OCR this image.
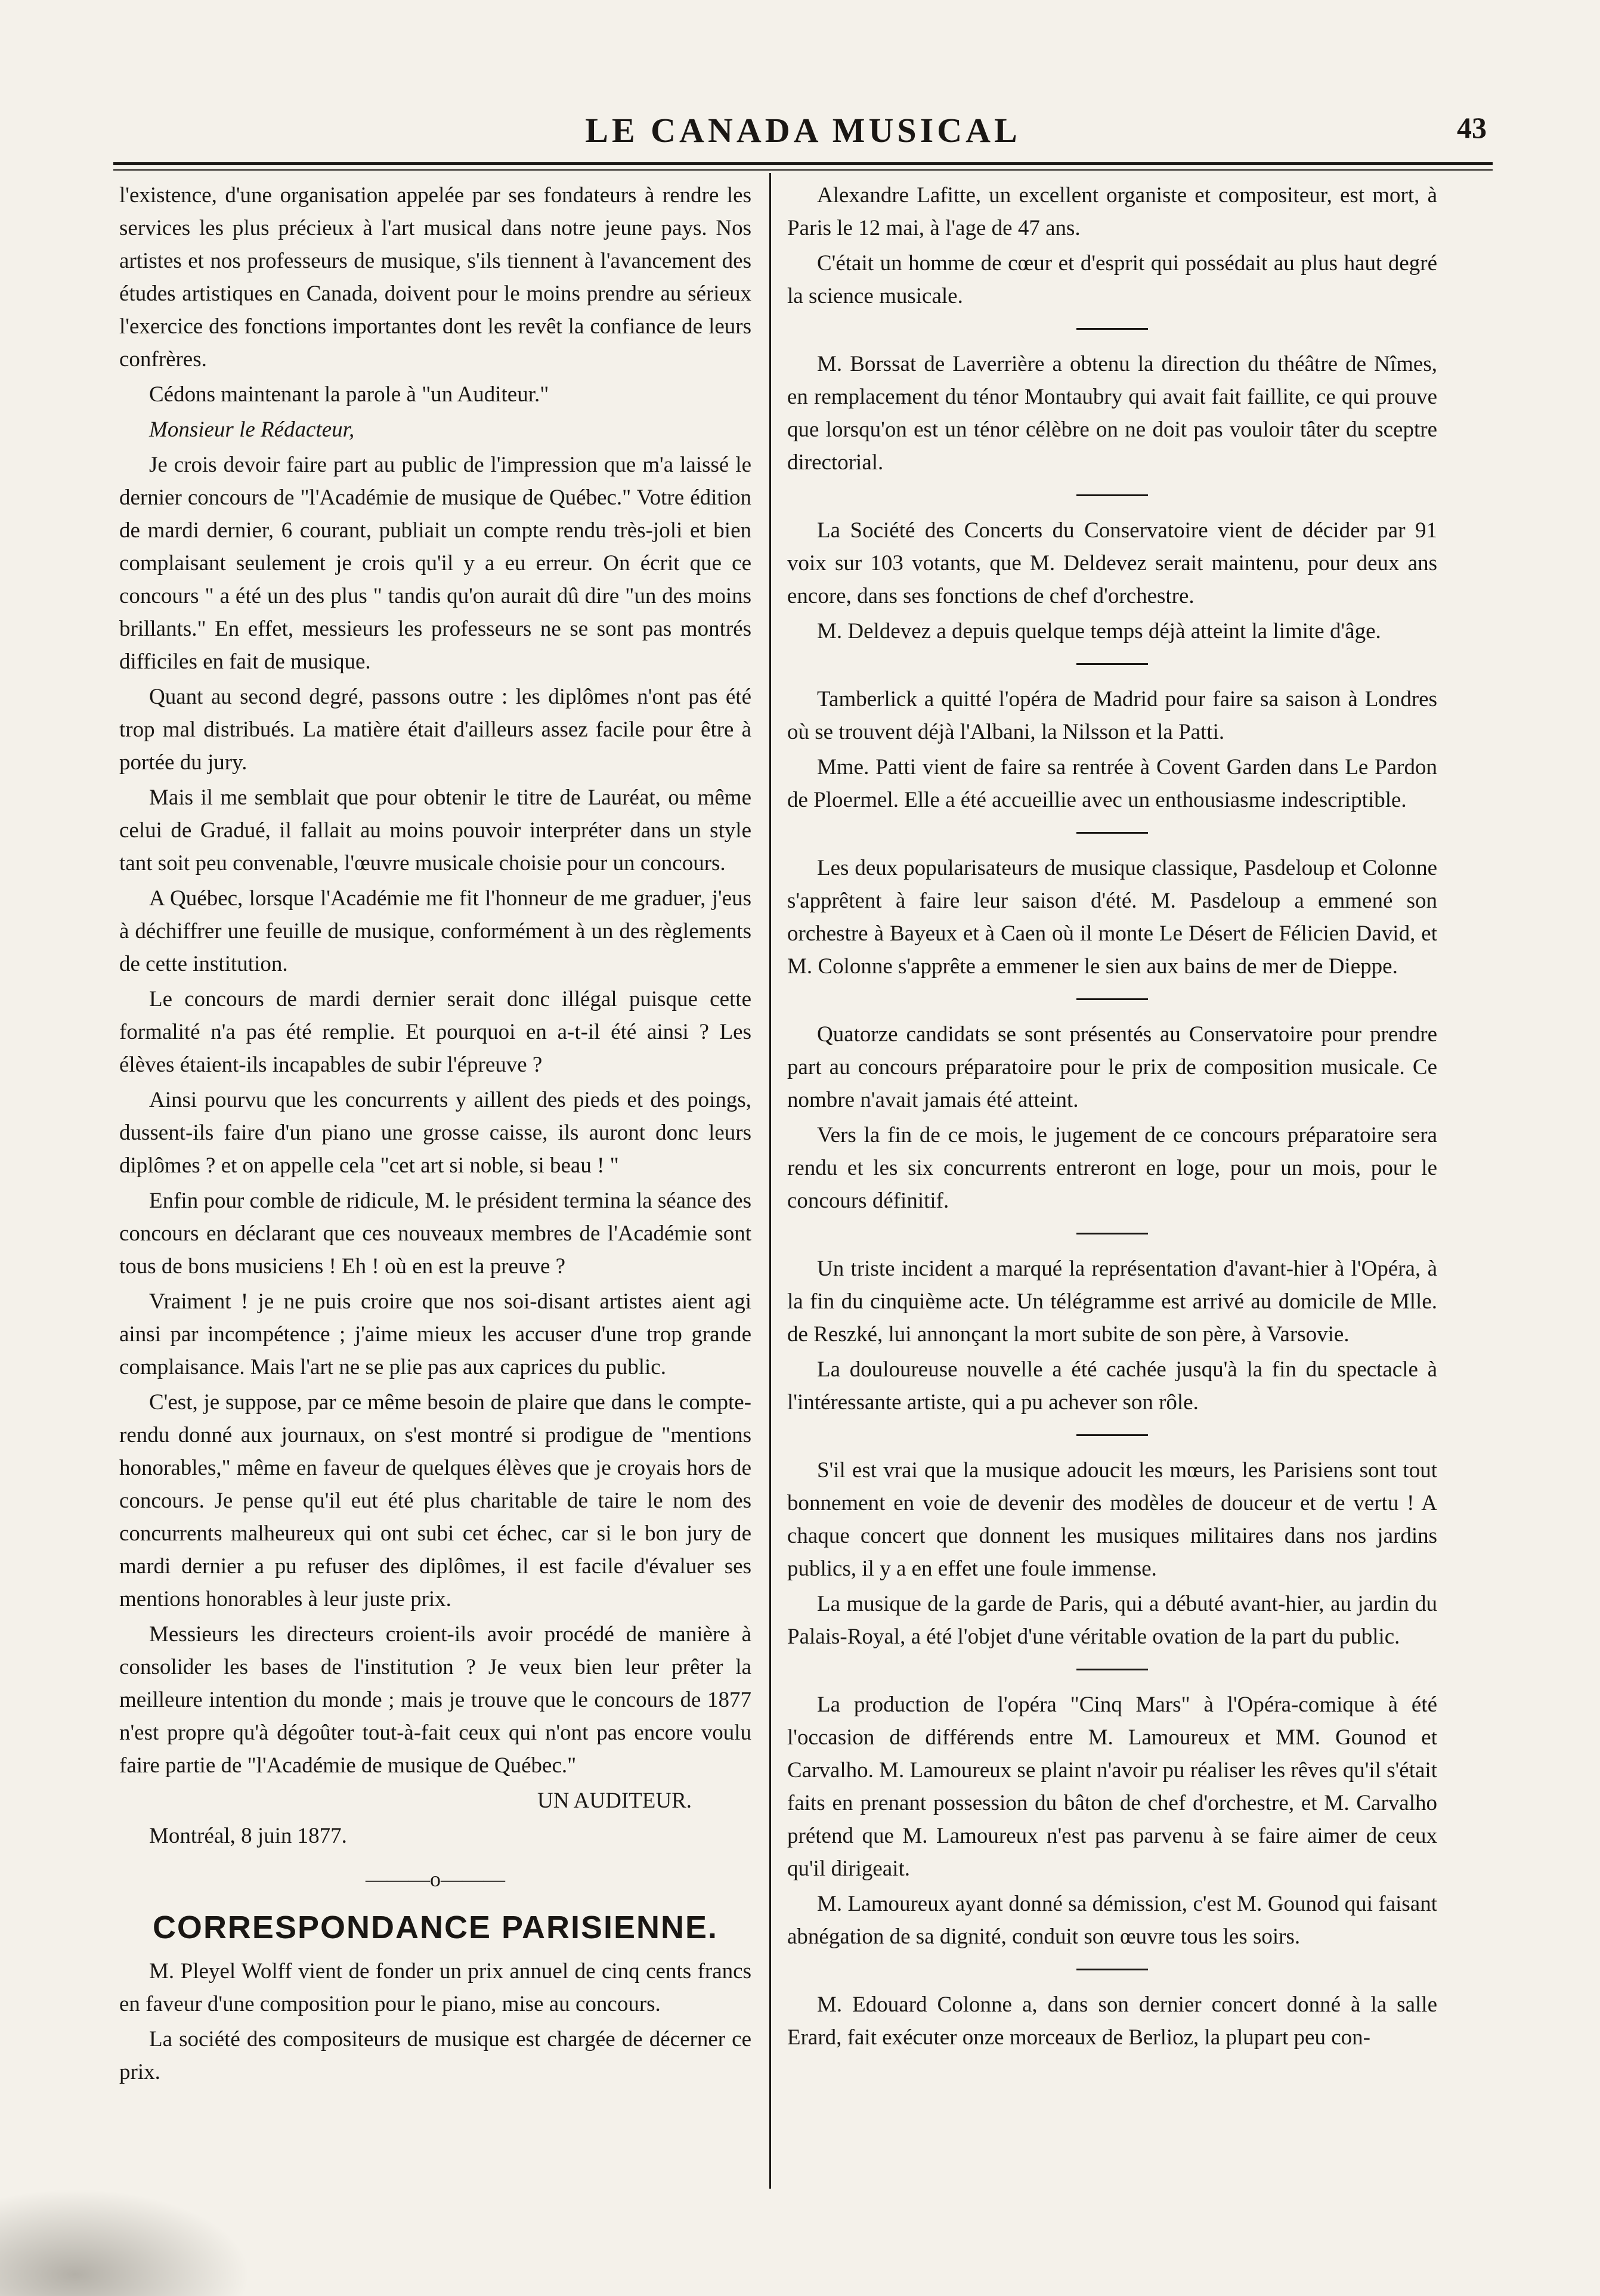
LE CANADA MUSICAL	43

l'existence, d'une organisation appelée par ses fondateurs à rendre les services les plus précieux à l'art musical dans notre jeune pays. Nos artistes et nos professeurs de musique, s'ils tiennent à l'avancement des études artistiques en Canada, doivent pour le moins prendre au sérieux l'exercice des fonctions importantes dont les revêt la confiance de leurs confrères.

Cédons maintenant la parole à "un Auditeur."

Monsieur le Rédacteur,

Je crois devoir faire part au public de l'impression que m'a laissé le dernier concours de "l'Académie de musique de Québec." Votre édition de mardi dernier, 6 courant, publiait un compte rendu très-joli et bien complaisant seulement je crois qu'il y a eu erreur. On écrit que ce concours " a été un des plus " tandis qu'on aurait dû dire "un des moins brillants." En effet, messieurs les professeurs ne se sont pas montrés difficiles en fait de musique.

Quant au second degré, passons outre : les diplômes n'ont pas été trop mal distribués. La matière était d'ailleurs assez facile pour être à portée du jury.

Mais il me semblait que pour obtenir le titre de Lauréat, ou même celui de Gradué, il fallait au moins pouvoir interpréter dans un style tant soit peu convenable, l'œuvre musicale choisie pour un concours.

A Québec, lorsque l'Académie me fit l'honneur de me graduer, j'eus à déchiffrer une feuille de musique, conformément à un des règlements de cette institution.

Le concours de mardi dernier serait donc illégal puisque cette formalité n'a pas été remplie. Et pourquoi en a-t-il été ainsi ? Les élèves étaient-ils incapables de subir l'épreuve ?

Ainsi pourvu que les concurrents y aillent des pieds et des poings, dussent-ils faire d'un piano une grosse caisse, ils auront donc leurs diplômes ? et on appelle cela "cet art si noble, si beau ! "

Enfin pour comble de ridicule, M. le président termina la séance des concours en déclarant que ces nouveaux membres de l'Académie sont tous de bons musiciens ! Eh ! où en est la preuve ?

Vraiment ! je ne puis croire que nos soi-disant artistes aient agi ainsi par incompétence ; j'aime mieux les accuser d'une trop grande complaisance. Mais l'art ne se plie pas aux caprices du public.

C'est, je suppose, par ce même besoin de plaire que dans le compte-rendu donné aux journaux, on s'est montré si prodigue de "mentions honorables," même en faveur de quelques élèves que je croyais hors de concours. Je pense qu'il eut été plus charitable de taire le nom des concurrents malheureux qui ont subi cet échec, car si le bon jury de mardi dernier a pu refuser des diplômes, il est facile d'évaluer ses mentions honorables à leur juste prix.

Messieurs les directeurs croient-ils avoir procédé de manière à consolider les bases de l'institution ? Je veux bien leur prêter la meilleure intention du monde ; mais je trouve que le concours de 1877 n'est propre qu'à dégoûter tout-à-fait ceux qui n'ont pas encore voulu faire partie de "l'Académie de musique de Québec."

UN AUDITEUR.

Montréal, 8 juin 1877.

———o———
CORRESPONDANCE PARISIENNE.

M. Pleyel Wolff vient de fonder un prix annuel de cinq cents francs en faveur d'une composition pour le piano, mise au concours.

La société des compositeurs de musique est chargée de décerner ce prix.

Alexandre Lafitte, un excellent organiste et compositeur, est mort, à Paris le 12 mai, à l'age de 47 ans.

C'était un homme de cœur et d'esprit qui possédait au plus haut degré la science musicale.

M. Borssat de Laverrière a obtenu la direction du théâtre de Nîmes, en remplacement du ténor Montaubry qui avait fait faillite, ce qui prouve que lorsqu'on est un ténor célèbre on ne doit pas vouloir tâter du sceptre directorial.

La Société des Concerts du Conservatoire vient de décider par 91 voix sur 103 votants, que M. Deldevez serait maintenu, pour deux ans encore, dans ses fonctions de chef d'orchestre.

M. Deldevez a depuis quelque temps déjà atteint la limite d'âge.

Tamberlick a quitté l'opéra de Madrid pour faire sa saison à Londres où se trouvent déjà l'Albani, la Nilsson et la Patti.

Mme. Patti vient de faire sa rentrée à Covent Garden dans Le Pardon de Ploermel. Elle a été accueillie avec un enthousiasme indescriptible.

Les deux popularisateurs de musique classique, Pasdeloup et Colonne s'apprêtent à faire leur saison d'été. M. Pasdeloup a emmené son orchestre à Bayeux et à Caen où il monte Le Désert de Félicien David, et M. Colonne s'apprête a emmener le sien aux bains de mer de Dieppe.

Quatorze candidats se sont présentés au Conservatoire pour prendre part au concours préparatoire pour le prix de composition musicale. Ce nombre n'avait jamais été atteint.

Vers la fin de ce mois, le jugement de ce concours préparatoire sera rendu et les six concurrents entreront en loge, pour un mois, pour le concours définitif.

Un triste incident a marqué la représentation d'avant-hier à l'Opéra, à la fin du cinquième acte. Un télégramme est arrivé au domicile de Mlle. de Reszké, lui annonçant la mort subite de son père, à Varsovie.

La douloureuse nouvelle a été cachée jusqu'à la fin du spectacle à l'intéressante artiste, qui a pu achever son rôle.

S'il est vrai que la musique adoucit les mœurs, les Parisiens sont tout bonnement en voie de devenir des modèles de douceur et de vertu ! A chaque concert que donnent les musiques militaires dans nos jardins publics, il y a en effet une foule immense.

La musique de la garde de Paris, qui a débuté avant-hier, au jardin du Palais-Royal, a été l'objet d'une véritable ovation de la part du public.

La production de l'opéra "Cinq Mars" à l'Opéra-comique à été l'occasion de différends entre M. Lamoureux et MM. Gounod et Carvalho. M. Lamoureux se plaint n'avoir pu réaliser les rêves qu'il s'était faits en prenant possession du bâton de chef d'orchestre, et M. Carvalho prétend que M. Lamoureux n'est pas parvenu à se faire aimer de ceux qu'il dirigeait.

M. Lamoureux ayant donné sa démission, c'est M. Gounod qui faisant abnégation de sa dignité, conduit son œuvre tous les soirs.

M. Edouard Colonne a, dans son dernier concert donné à la salle Erard, fait exécuter onze morceaux de Berlioz, la plupart peu con-
